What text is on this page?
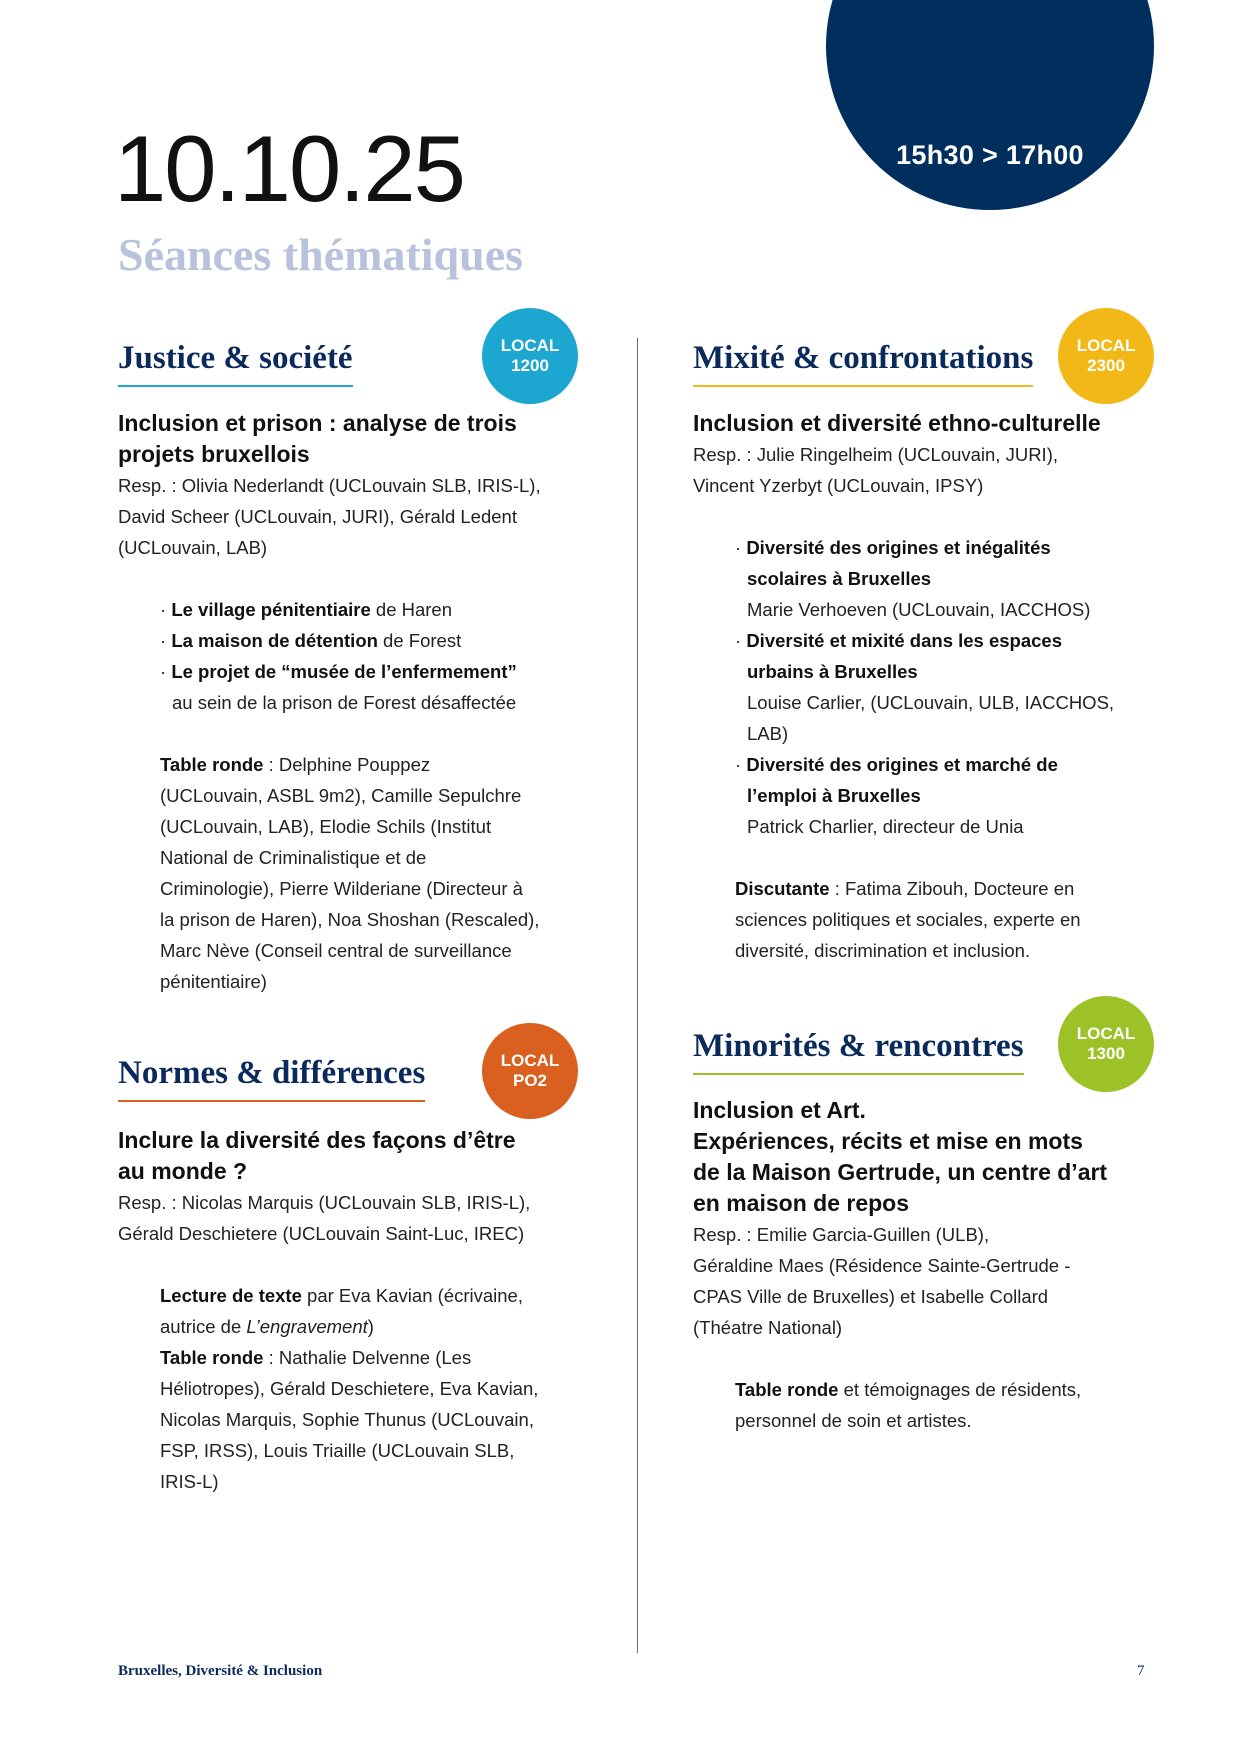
15h30 > 17h00
10.10.25
Séances thématiques
Justice & société	LOCAL
1200
Inclusion et prison : analyse de trois
projets bruxellois
Resp. : Olivia Nederlandt (UCLouvain SLB, IRIS-L),
David Scheer (UCLouvain, JURI), Gérald Ledent
(UCLouvain, LAB)
· Le village pénitentiaire de Haren
· La maison de détention de Forest
· Le projet de “musée de l’enfermement”
au sein de la prison de Forest désaffectée
Table ronde : Delphine Pouppez
(UCLouvain, ASBL 9m2), Camille Sepulchre
(UCLouvain, LAB), Elodie Schils (Institut
National de Criminalistique et de
Criminologie), Pierre Wilderiane (Directeur à
la prison de Haren), Noa Shoshan (Rescaled),
Marc Nève (Conseil central de surveillance
pénitentiaire)
Normes & différences	LOCAL
PO2
Inclure la diversité des façons d’être
au monde ?
Resp. : Nicolas Marquis (UCLouvain SLB, IRIS-L),
Gérald Deschietere (UCLouvain Saint-Luc, IREC)
Lecture de texte par Eva Kavian (écrivaine,
autrice de L’engravement)
Table ronde : Nathalie Delvenne (Les
Héliotropes), Gérald Deschietere, Eva Kavian,
Nicolas Marquis, Sophie Thunus (UCLouvain,
FSP, IRSS), Louis Triaille (UCLouvain SLB,
IRIS-L)
Mixité & confrontations	LOCAL
2300
Inclusion et diversité ethno-culturelle
Resp. : Julie Ringelheim (UCLouvain, JURI),
Vincent Yzerbyt (UCLouvain, IPSY)
· Diversité des origines et inégalités
scolaires à Bruxelles
Marie Verhoeven (UCLouvain, IACCHOS)
· Diversité et mixité dans les espaces
urbains à Bruxelles
Louise Carlier, (UCLouvain, ULB, IACCHOS,
LAB)
· Diversité des origines et marché de
l’emploi à Bruxelles
Patrick Charlier, directeur de Unia
Discutante : Fatima Zibouh, Docteure en
sciences politiques et sociales, experte en
diversité, discrimination et inclusion.
Minorités & rencontres	LOCAL
1300
Inclusion et Art.
Expériences, récits et mise en mots
de la Maison Gertrude, un centre d’art
en maison de repos
Resp. : Emilie Garcia-Guillen (ULB),
Géraldine Maes (Résidence Sainte-Gertrude -
CPAS Ville de Bruxelles) et Isabelle Collard
(Théatre National)
Table ronde et témoignages de résidents,
personnel de soin et artistes.
Bruxelles, Diversité & Inclusion	7
